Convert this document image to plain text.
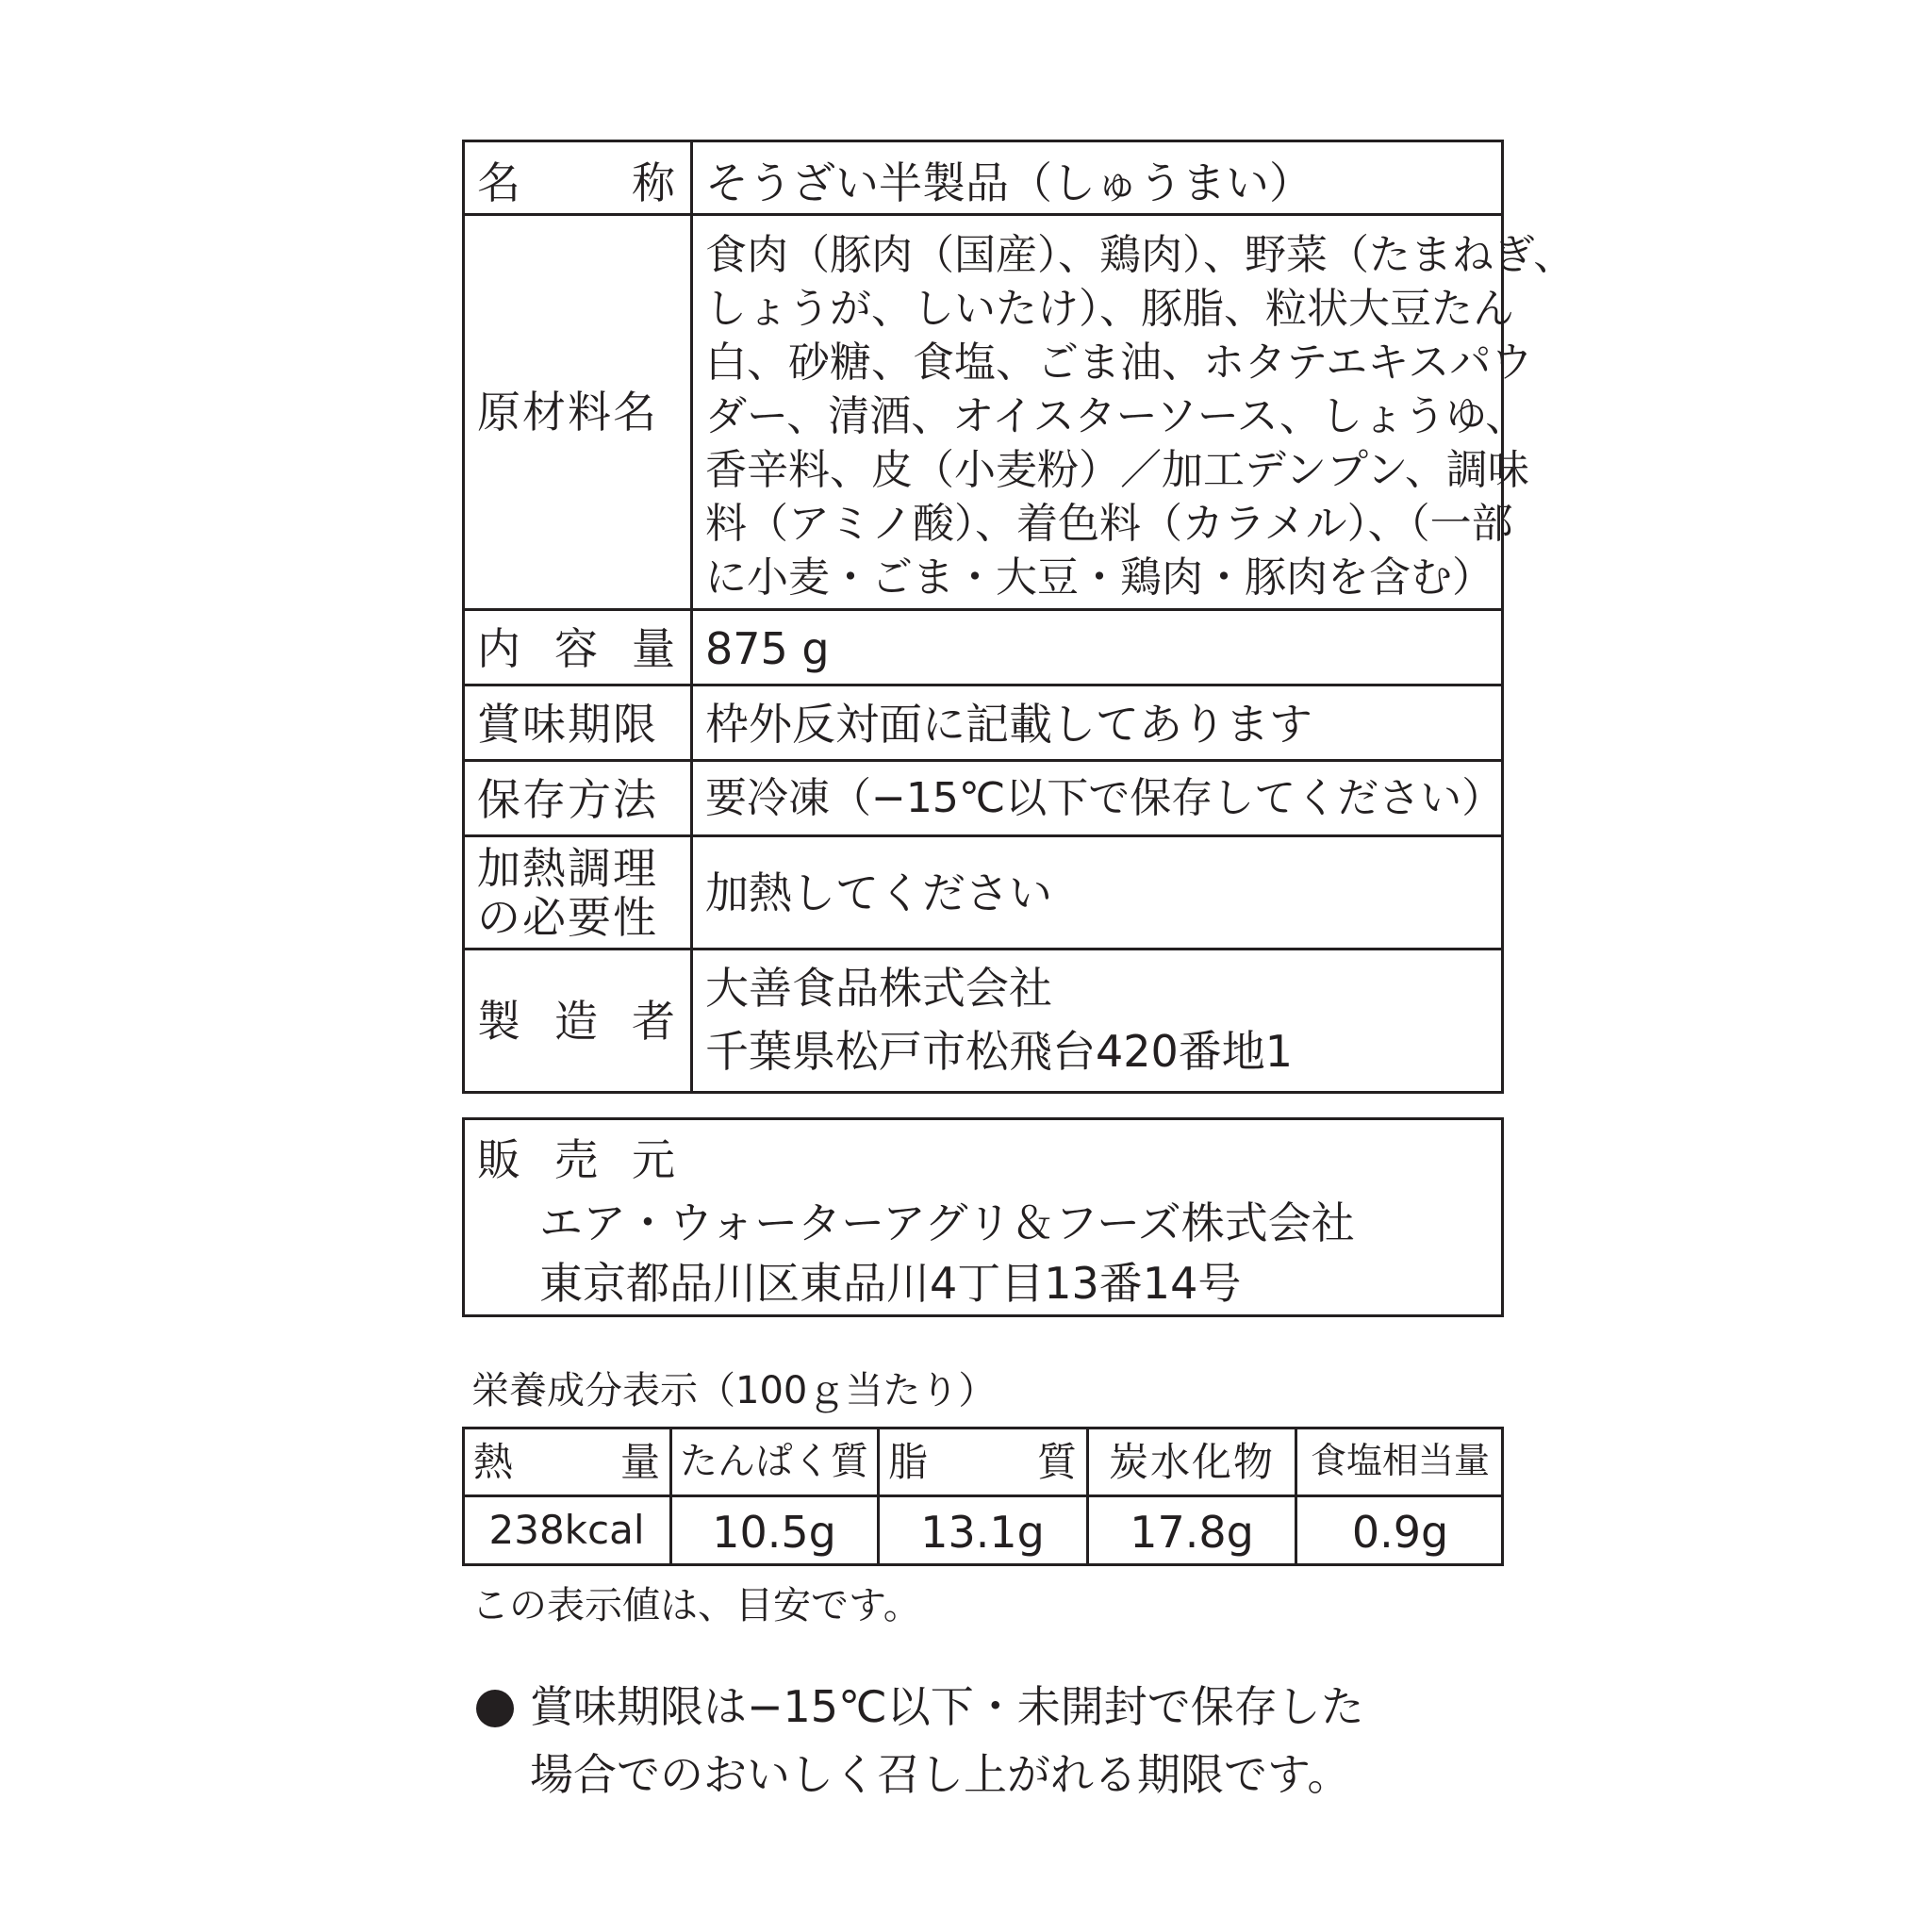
名	称 そうざい半製品（しゅうまい）
原材料名
食肉（豚肉（国産）、鶏肉）、野菜（たまねぎ、
しょうが、しいたけ）、豚脂、粒状大豆たん
白、砂糖、食塩、ごま油、ホタテエキスパウ
ダー、清酒、オイスターソース、しょうゆ、
香辛料、皮（小麦粉）／加工デンプン、調味
料（アミノ酸）、着色料（カラメル）、（一部
に小麦・ごま・大豆・鶏肉・豚肉を含む）
内 容 量 875 g
賞味期限 枠外反対面に記載してあります
保存方法 要冷凍（−15℃以下で保存してください）
加熱調理
の必要性 加熱してください
製 造 者
大善食品株式会社
千葉県松戸市松飛台420番地1
販 売 元
エア・ウォーターアグリ＆フーズ株式会社
東京都品川区東品川4丁目13番14号
栄養成分表示（100ｇ当たり）
熱	量 たんぱく質 脂	質 炭水化物 食塩相当量
238kcal	10.5g	13.1g	17.8g	0.9g
この表示値は、目安です。
賞味期限は−15℃以下・未開封で保存した
場合でのおいしく召し上がれる期限です。
